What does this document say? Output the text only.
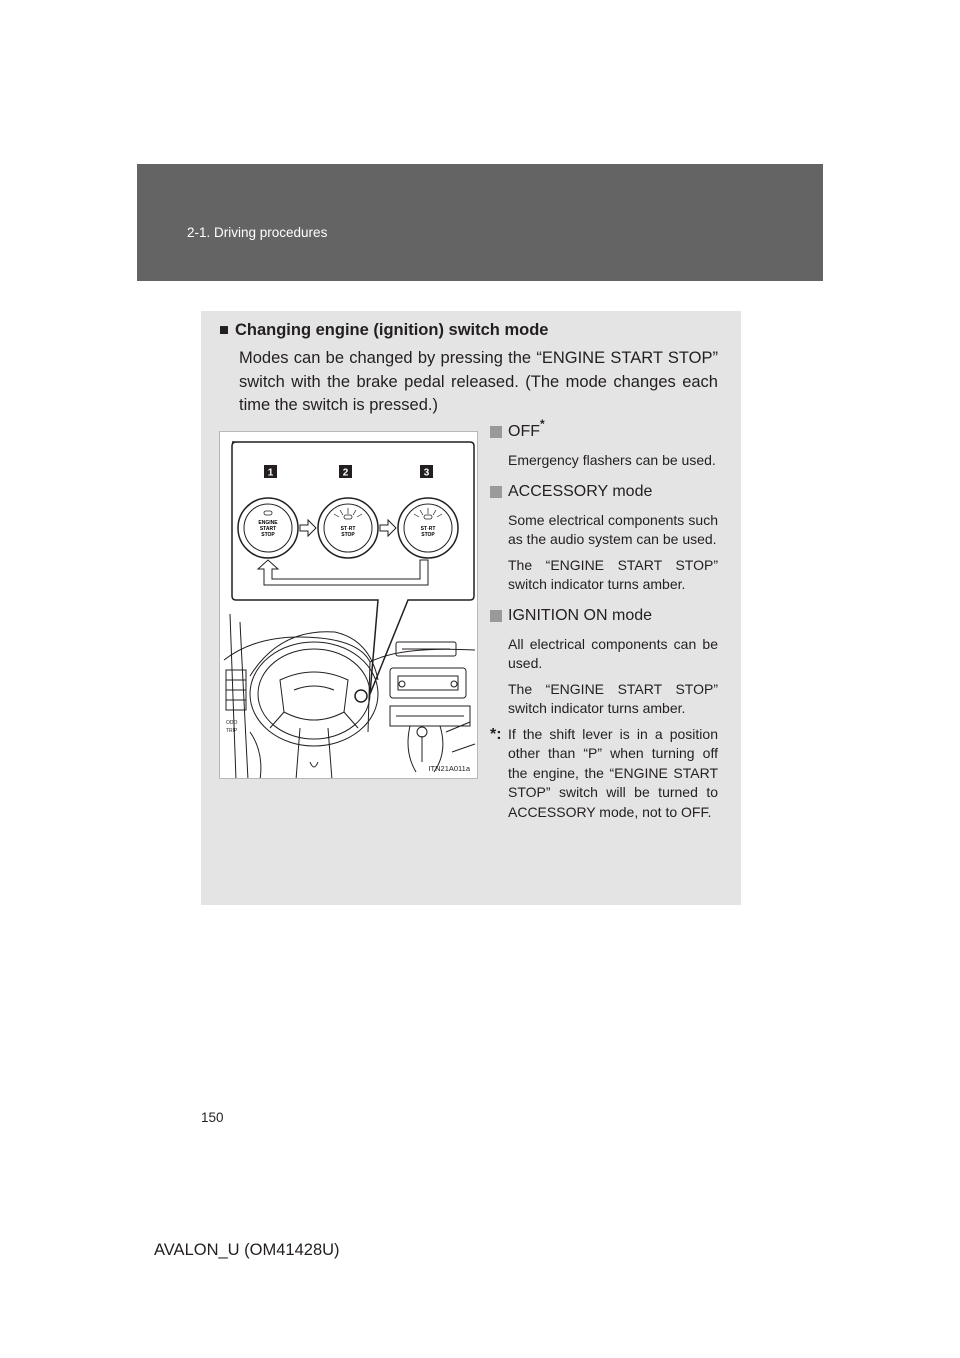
2-1. Driving procedures
■ Changing engine (ignition) switch mode
Modes can be changed by pressing the “ENGINE START STOP” switch with the brake pedal released. (The mode changes each time the switch is pressed.)
1	2	3
ENGINE
START
STOP
ST◦RT
STOP
ST◦RT
STOP
ODO
TRIP
ITN21A011a
OFF*
Emergency flashers can be used.
ACCESSORY mode
Some electrical components such as the audio system can be used.
The “ENGINE START STOP” switch indicator turns amber.
IGNITION ON mode
All electrical components can be used.
The “ENGINE START STOP” switch indicator turns amber.
*: If the shift lever is in a position other than “P” when turning off the engine, the “ENGINE START STOP” switch will be turned to ACCESSORY mode, not to OFF.
150
AVALON_U (OM41428U)
